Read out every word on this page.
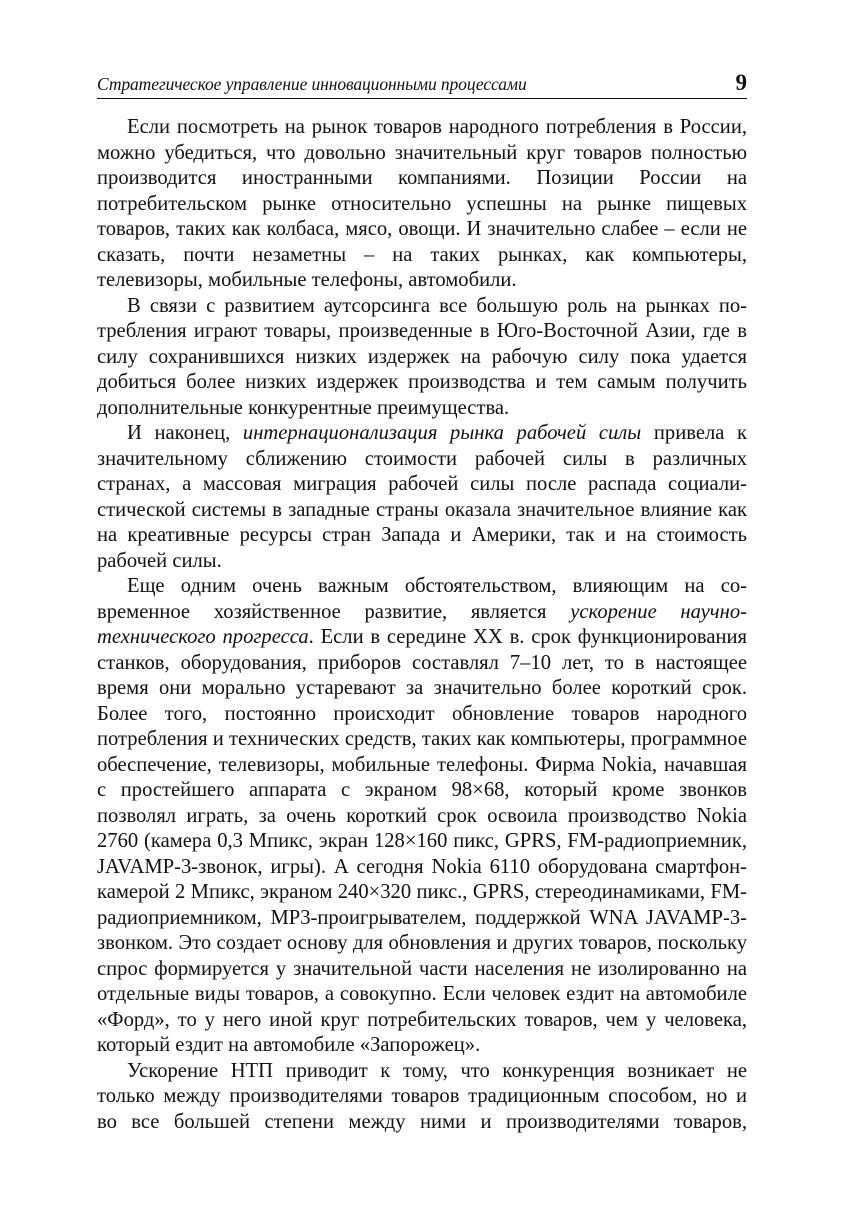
Стратегическое управление инновационными процессами	9

Если посмотреть на рынок товаров народного потребления в России, можно убедиться, что довольно значительный круг товаров полностью производится иностранными компаниями. Позиции России на потребительском рынке относительно успешны на рынке пищевых товаров, таких как колбаса, мясо, овощи. И значительно слабее – если не сказать, почти незаметны – на таких рынках, как компьютеры, телевизоры, мобильные телефоны, автомобили.

В связи с развитием аутсорсинга все большую роль на рынках потребления играют товары, произведенные в Юго-Восточной Азии, где в силу сохранившихся низких издержек на рабочую силу пока удается добиться более низких издержек производства и тем самым получить дополнительные конкурентные преимущества.

И наконец, интернационализация рынка рабочей силы привела к значительному сближению стоимости рабочей силы в различных странах, а массовая миграция рабочей силы после распада социалистической системы в западные страны оказала значительное влияние как на креативные ресурсы стран Запада и Америки, так и на стоимость рабочей силы.

Еще одним очень важным обстоятельством, влияющим на современное хозяйственное развитие, является ускорение научно-технического прогресса. Если в середине XX в. срок функционирования станков, оборудования, приборов составлял 7–10 лет, то в настоящее время они морально устаревают за значительно более короткий срок. Более того, постоянно происходит обновление товаров народного потребления и технических средств, таких как компьютеры, программное обеспечение, телевизоры, мобильные телефоны. Фирма Nokia, начавшая с простейшего аппарата с экраном 98×68, который кроме звонков позволял играть, за очень короткий срок освоила производство Nokia 2760 (камера 0,3 Мпикс, экран 128×160 пикс, GPRS, FM-радиоприемник, JAVAMP-3-звонок, игры). А сегодня Nokia 6110 оборудована смартфон-камерой 2 Мпикс, экраном 240×320 пикс., GPRS, стереодинамиками, FM-радиоприемником, MP3-проигрывателем, поддержкой WNA JAVAMP-3-звонком. Это создает основу для обновления и других товаров, поскольку спрос формируется у значительной части населения не изолированно на отдельные виды товаров, а совокупно. Если человек ездит на автомобиле «Форд», то у него иной круг потребительских товаров, чем у человека, который ездит на автомобиле «Запорожец».

Ускорение НТП приводит к тому, что конкуренция возникает не только между производителями товаров традиционным способом, но и во все большей степени между ними и производителями товаров,
